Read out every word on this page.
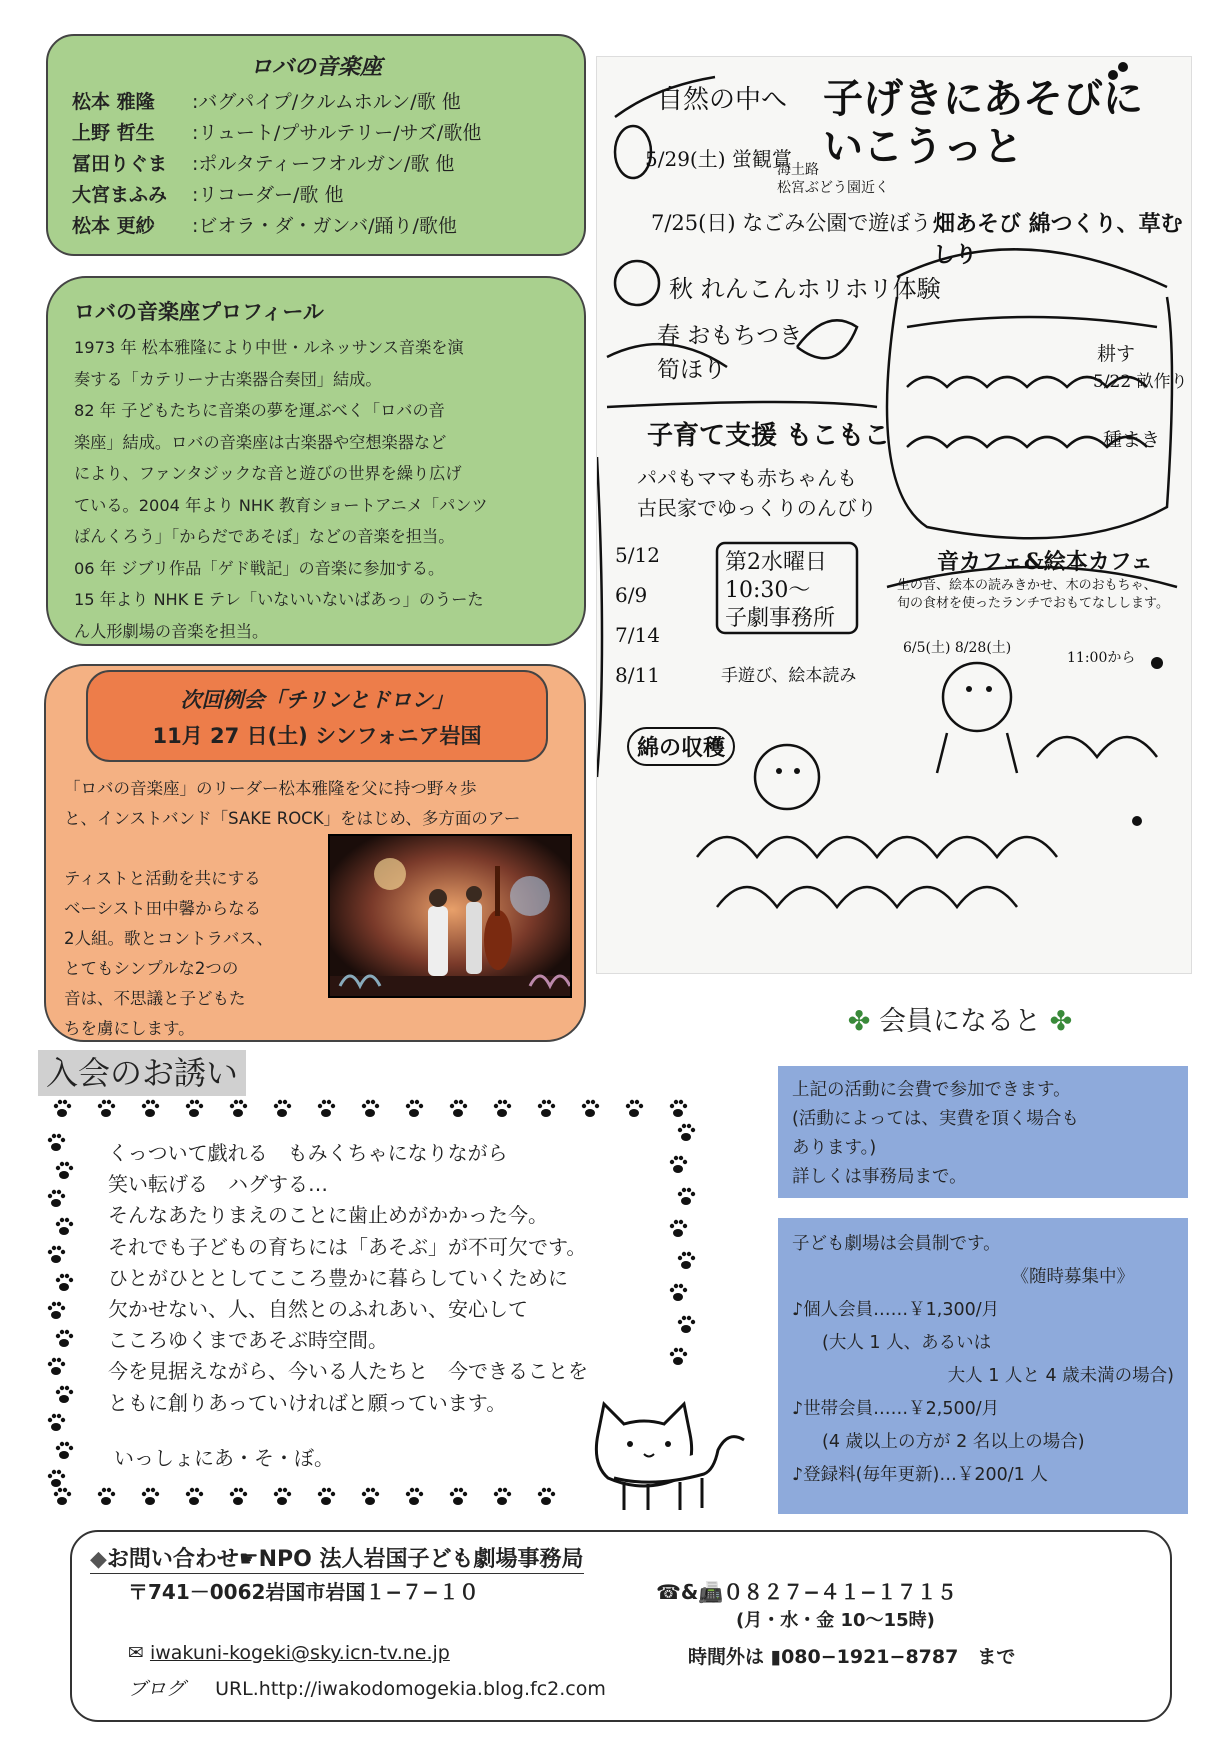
ロバの音楽座
松本 雅隆	:バグパイプ/クルムホルン/歌 他
上野 哲生	:リュート/プサルテリー/サズ/歌他
冨田りぐま	:ポルタティーフオルガン/歌 他
大宮まふみ	:リコーダー/歌 他
松本 更紗	:ビオラ・ダ・ガンバ/踊り/歌他
ロバの音楽座プロフィール
1973 年 松本雅隆により中世・ルネッサンス音楽を演
奏する「カテリーナ古楽器合奏団」結成。
82 年 子どもたちに音楽の夢を運ぶべく「ロバの音
楽座」結成。ロバの音楽座は古楽器や空想楽器など
により、ファンタジックな音と遊びの世界を繰り広げ
ている。2004 年より NHK 教育ショートアニメ「パンツ
ぱんくろう」「からだであそぼ」などの音楽を担当。
06 年 ジブリ作品「ゲド戦記」の音楽に参加する。
15 年より NHK E テレ「いないいないばあっ」のうーた
ん人形劇場の音楽を担当。
次回例会「チリンとドロン」
11月 27 日(土) シンフォニア岩国
「ロバの音楽座」のリーダー松本雅隆を父に持つ野々歩
と、インストバンド「SAKE ROCK」をはじめ、多方面のアー
ティストと活動を共にする
ベーシスト田中馨からなる
2人組。歌とコントラバス、
とてもシンプルな2つの
音は、不思議と子どもた
ちを虜にします。
自然の中へ 子げきにあそびにいこうっと
5/29(土) 蛍観賞
海土路
松宮ぶどう園近く
7/25(日) なごみ公園で遊ぼう
秋 れんこんホリホリ体験
春 おもちつき
筍ほり
畑あそび 綿つくり、草むしり
耕す
5/22 畝作り
種まき
子育て支援 もこもこ
パパもママも赤ちゃんも
古民家でゆっくりのんびり
5/12
6/9
7/14
8/11
第2水曜日
10:30〜
子劇事務所
手遊び、絵本読み
音カフェ&絵本カフェ
生の音、絵本の読みきかせ、木のおもちゃ、
旬の食材を使ったランチでおもてなしします。
6/5(土) 8/28(土)
11:00から
綿の収穫
入会のお誘い
くっついて戯れる　もみくちゃになりながら
笑い転げる　ハグする…
そんなあたりまえのことに歯止めがかかった今。
それでも子どもの育ちには「あそぶ」が不可欠です。
ひとがひととしてこころ豊かに暮らしていくために
欠かせない、人、自然とのふれあい、安心して
こころゆくまであそぶ時空間。
今を見据えながら、今いる人たちと　今できることを
ともに創りあっていければと願っています。
いっしょにあ・そ・ぼ。
✤ 会員になると ✤
上記の活動に会費で参加できます。
(活動によっては、実費を頂く場合も
あります。)
詳しくは事務局まで。
子ども劇場は会員制です。
《随時募集中》
♪個人会員……￥1,300/月
(大人 1 人、あるいは
大人 1 人と 4 歳未満の場合)
♪世帯会員……￥2,500/月
(4 歳以上の方が 2 名以上の場合)
♪登録料(毎年更新)…￥200/1 人
◆お問い合わせ☛NPO 法人岩国子ども劇場事務局
〒741－0062岩国市岩国１−７−１０	☎&📠０８２７−４１−１７１５
(月・水・金 10〜15時)
✉ iwakuni-kogeki@sky.icn-tv.ne.jp	時間外は ▮080−1921−8787　まで
ブログ URL.http://iwakodomogekia.blog.fc2.com
